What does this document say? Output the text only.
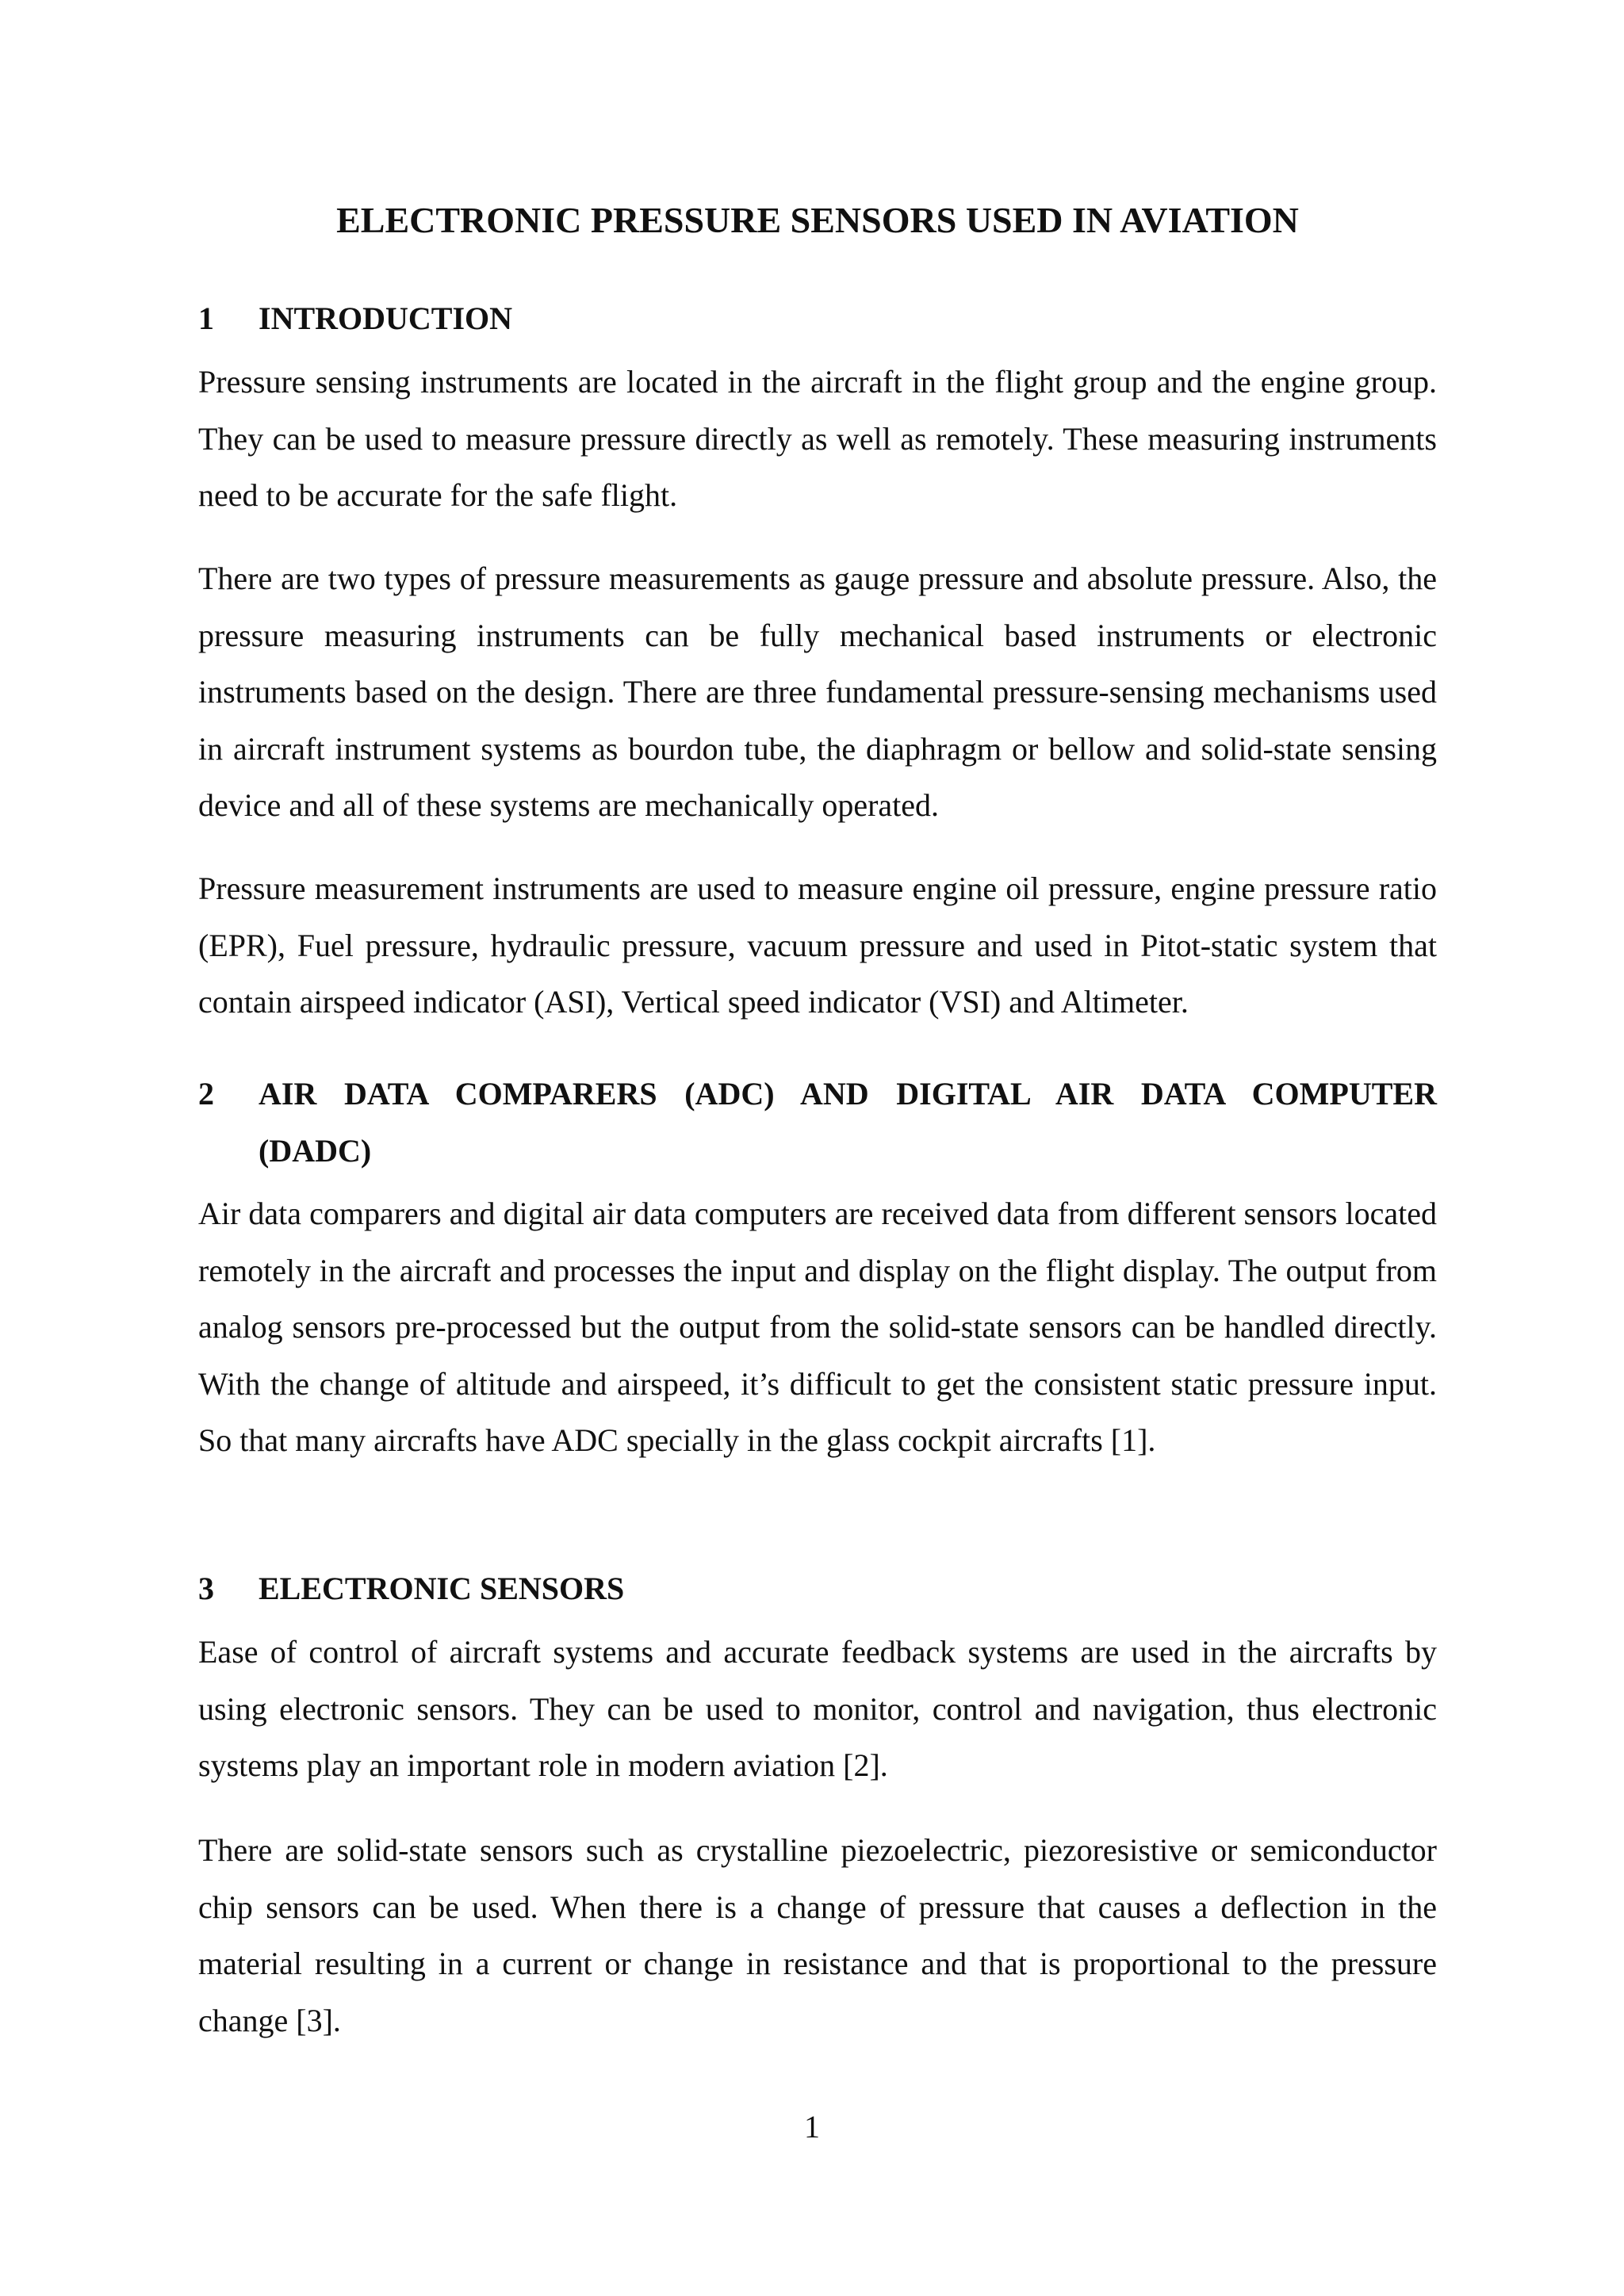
ELECTRONIC PRESSURE SENSORS USED IN AVIATION
1	INTRODUCTION

Pressure sensing instruments are located in the aircraft in the flight group and the engine group. They can be used to measure pressure directly as well as remotely. These measuring instruments need to be accurate for the safe flight.

There are two types of pressure measurements as gauge pressure and absolute pressure. Also, the pressure measuring instruments can be fully mechanical based instruments or electronic instruments based on the design. There are three fundamental pressure-sensing mechanisms used in aircraft instrument systems as bourdon tube, the diaphragm or bellow and solid-state sensing device and all of these systems are mechanically operated.

Pressure measurement instruments are used to measure engine oil pressure, engine pressure ratio (EPR), Fuel pressure, hydraulic pressure, vacuum pressure and used in Pitot-static system that contain airspeed indicator (ASI), Vertical speed indicator (VSI) and Altimeter.

2	AIR DATA COMPARERS (ADC) AND DIGITAL AIR DATA COMPUTER
(DADC)

Air data comparers and digital air data computers are received data from different sensors located remotely in the aircraft and processes the input and display on the flight display. The output from analog sensors pre-processed but the output from the solid-state sensors can be handled directly. With the change of altitude and airspeed, it’s difficult to get the consistent static pressure input. So that many aircrafts have ADC specially in the glass cockpit aircrafts [1].

3	ELECTRONIC SENSORS

Ease of control of aircraft systems and accurate feedback systems are used in the aircrafts by using electronic sensors. They can be used to monitor, control and navigation, thus electronic systems play an important role in modern aviation [2].

There are solid-state sensors such as crystalline piezoelectric, piezoresistive or semiconductor chip sensors can be used. When there is a change of pressure that causes a deflection in the material resulting in a current or change in resistance and that is proportional to the pressure change [3].

1
